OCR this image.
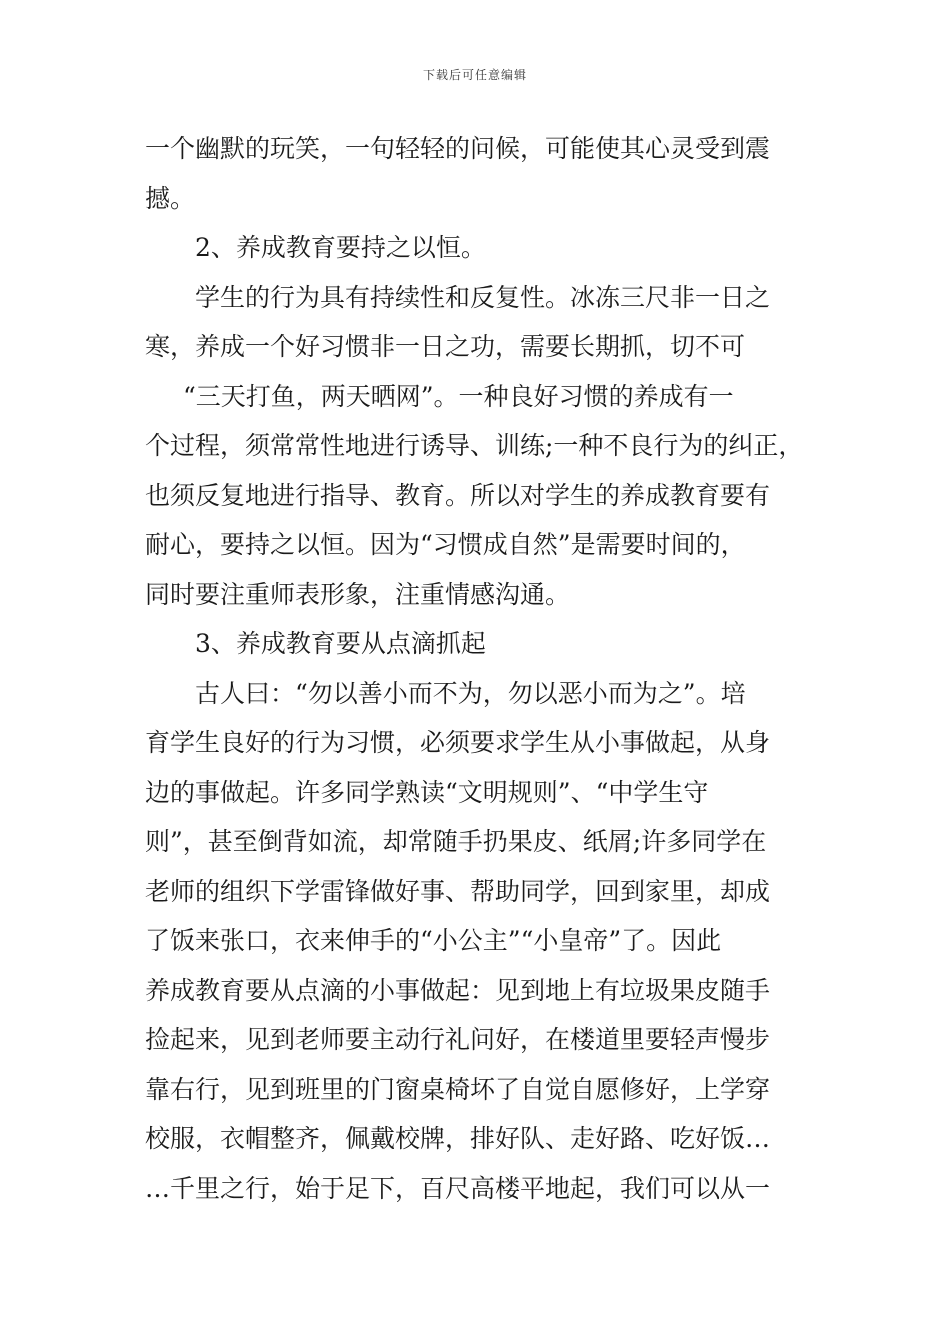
下载后可任意编辑
一个幽默的玩笑，一句轻轻的问候，可能使其心灵受到震
撼。
2、养成教育要持之以恒。
学生的行为具有持续性和反复性。冰冻三尺非一日之
寒，养成一个好习惯非一日之功，需要长期抓，切不可
“三天打鱼，两天晒网”。一种良好习惯的养成有一
个过程，须常常性地进行诱导、训练;一种不良行为的纠正，
也须反复地进行指导、教育。所以对学生的养成教育要有
耐心，要持之以恒。因为“习惯成自然”是需要时间的，
同时要注重师表形象，注重情感沟通。
3、养成教育要从点滴抓起
古人曰：“勿以善小而不为，勿以恶小而为之”。培
育学生良好的行为习惯，必须要求学生从小事做起，从身
边的事做起。许多同学熟读“文明规则”、“中学生守
则”，甚至倒背如流，却常随手扔果皮、纸屑;许多同学在
老师的组织下学雷锋做好事、帮助同学，回到家里，却成
了饭来张口，衣来伸手的“小公主”“小皇帝”了。因此
养成教育要从点滴的小事做起：见到地上有垃圾果皮随手
捡起来，见到老师要主动行礼问好，在楼道里要轻声慢步
靠右行，见到班里的门窗桌椅坏了自觉自愿修好，上学穿
校服，衣帽整齐，佩戴校牌，排好队、走好路、吃好饭…
…千里之行，始于足下，百尺高楼平地起，我们可以从一
